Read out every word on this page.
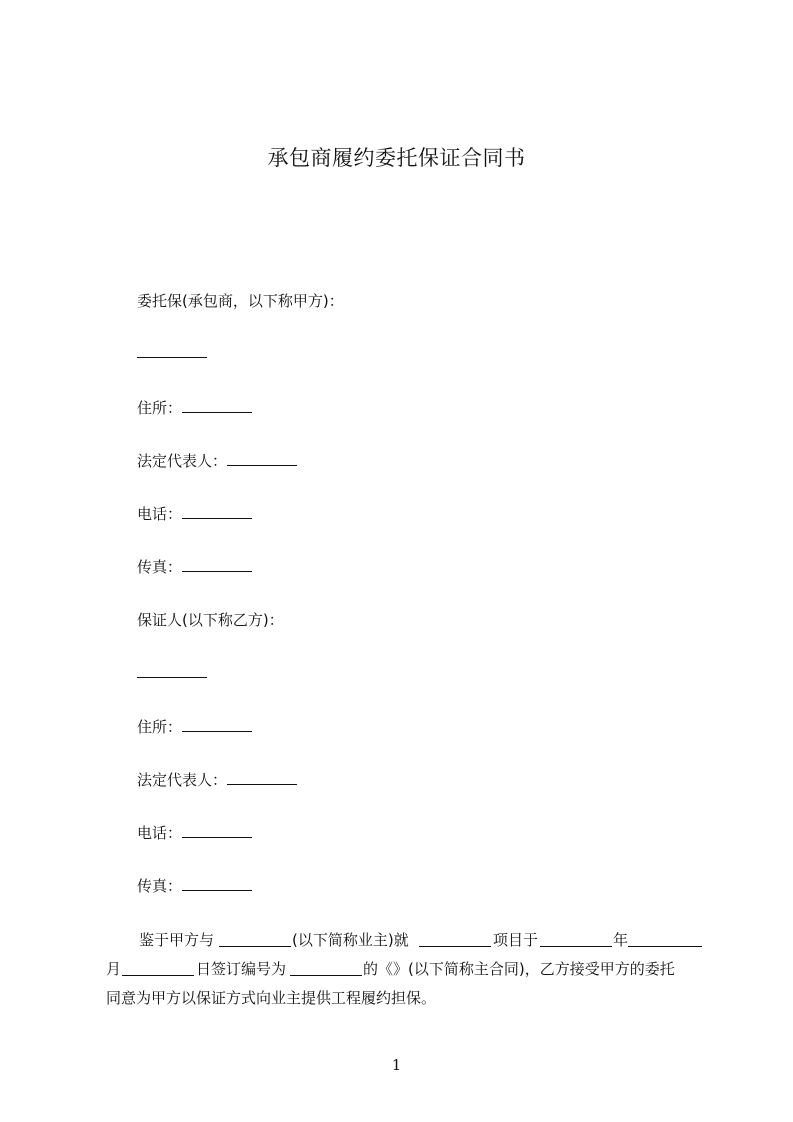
承包商履约委托保证合同书
委托保(承包商，以下称甲方)：
住所：
法定代表人：
电话：
传真：
保证人(以下称乙方)：
住所：
法定代表人：
电话：
传真：
鉴于甲方与	(以下简称业主)就	项目于	年
月	日签订编号为	的《》(以下简称主合同)，乙方接受甲方的委托
同意为甲方以保证方式向业主提供工程履约担保。
1
